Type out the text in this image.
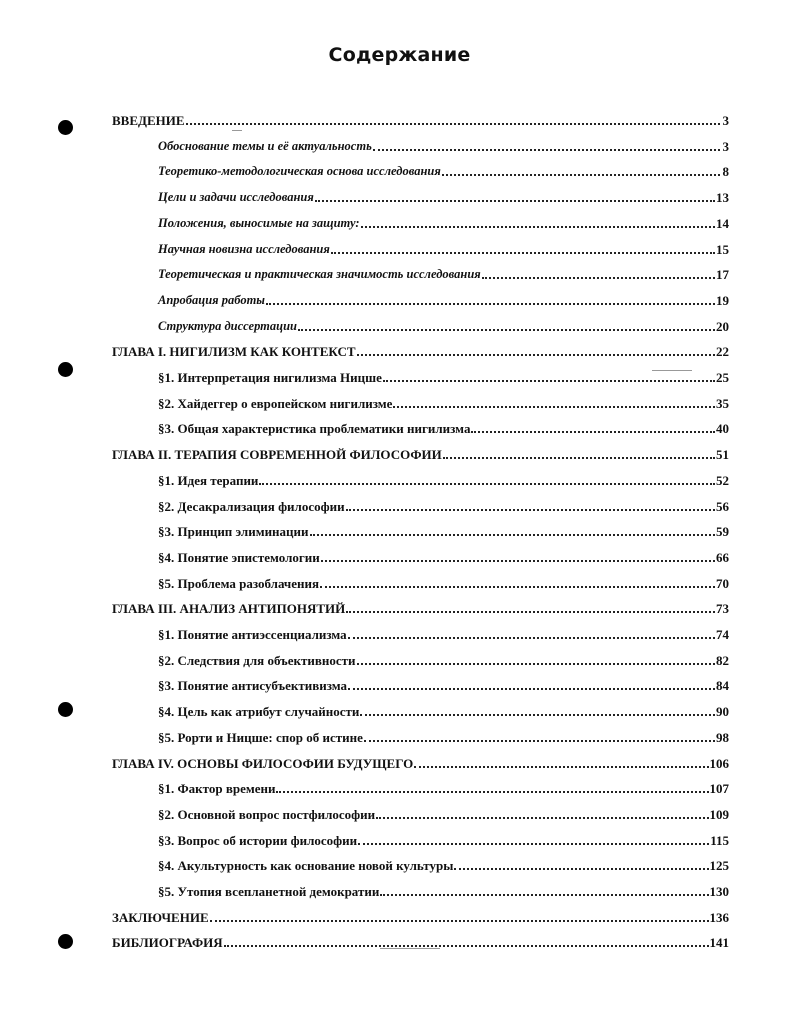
Содержание
ВВЕДЕНИЕ	3
Обоснование темы и её актуальность	3
Теоретико-методологическая основа исследования	8
Цели и задачи исследования	13
Положения, выносимые на защиту:	14
Научная новизна исследования	15
Теоретическая и практическая значимость исследования	17
Апробация работы	19
Структура диссертации	20
ГЛАВА I. НИГИЛИЗМ КАК КОНТЕКСТ	22
§1. Интерпретация нигилизма Ницше	25
§2. Хайдеггер о европейском нигилизме	35
§3. Общая характеристика проблематики нигилизма	40
ГЛАВА II. ТЕРАПИЯ СОВРЕМЕННОЙ ФИЛОСОФИИ	51
§1. Идея терапии	52
§2. Десакрализация философии	56
§3. Принцип элиминации	59
§4. Понятие эпистемологии	66
§5. Проблема разоблачения	70
ГЛАВА III. АНАЛИЗ АНТИПОНЯТИЙ	73
§1. Понятие антиэссенциализма	74
§2. Следствия для объективности	82
§3. Понятие антисубъективизма	84
§4. Цель как атрибут случайности	90
§5. Рорти и Ницше: спор об истине	98
ГЛАВА IV. ОСНОВЫ ФИЛОСОФИИ БУДУЩЕГО	106
§1. Фактор времени	107
§2. Основной вопрос постфилософии	109
§3. Вопрос об истории философии	115
§4. Акультурность как основание новой культуры	125
§5. Утопия всепланетной демократии	130
ЗАКЛЮЧЕНИЕ	136
БИБЛИОГРАФИЯ	141
